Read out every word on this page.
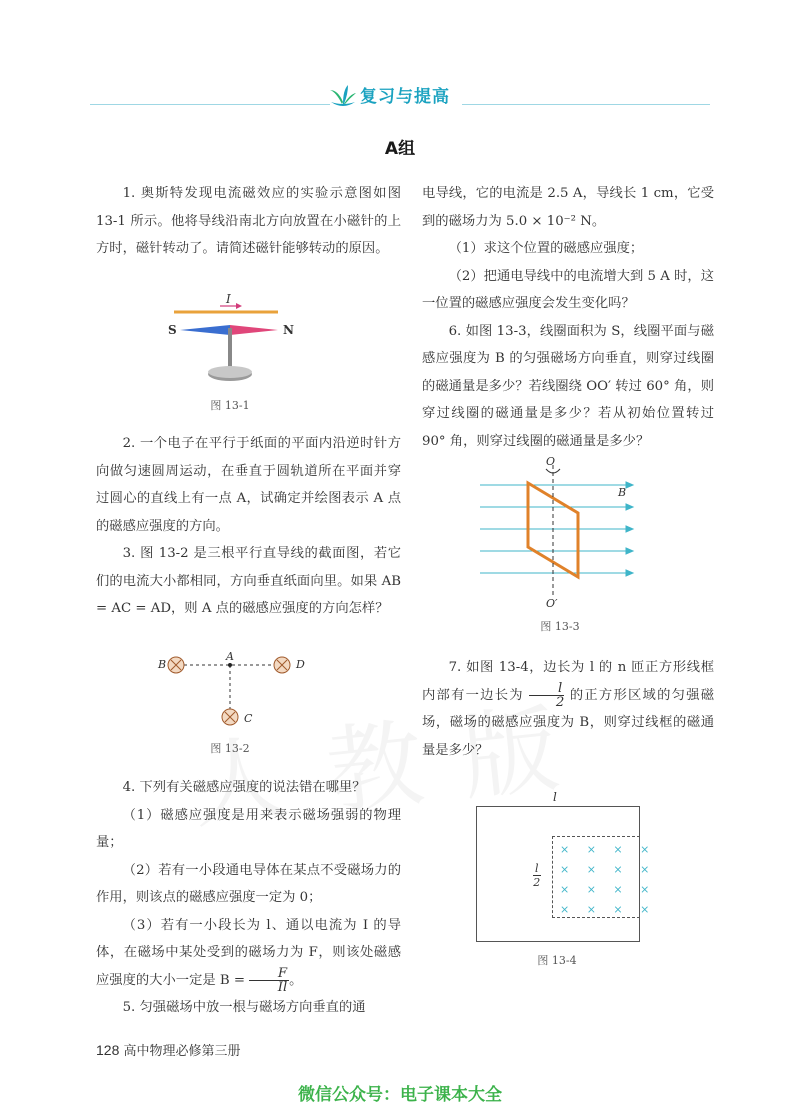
复习与提高
A组

1. 奥斯特发现电流磁效应的实验示意图如图 13-1 所示。他将导线沿南北方向放置在小磁针的上方时，磁针转动了。请简述磁针能够转动的原因。

I
S	N
图 13-1

2. 一个电子在平行于纸面的平面内沿逆时针方向做匀速圆周运动，在垂直于圆轨道所在平面并穿过圆心的直线上有一点 A，试确定并绘图表示 A 点的磁感应强度的方向。

3. 图 13-2 是三根平行直导线的截面图，若它们的电流大小都相同，方向垂直纸面向里。如果 AB = AC = AD，则 A 点的磁感应强度的方向怎样？

A
B	D
C
图 13-2

4. 下列有关磁感应强度的说法错在哪里？

（1）磁感应强度是用来表示磁场强弱的物理量；

（2）若有一小段通电导体在某点不受磁场力的作用，则该点的磁感应强度一定为 0；

（3）若有一小段长为 l、通以电流为 I 的导体，在磁场中某处受到的磁场力为 F，则该处磁感应强度的大小一定是 $B = \frac{F}{Il}$ 。

5. 匀强磁场中放一根与磁场方向垂直的通

电导线，它的电流是 2.5 A，导线长 1 cm，它受到的磁场力为 5.0 × 10⁻² N。

（1）求这个位置的磁感应强度；

（2）把通电导线中的电流增大到 5 A 时，这一位置的磁感应强度会发生变化吗？

6. 如图 13-3，线圈面积为 S，线圈平面与磁感应强度为 B 的匀强磁场方向垂直，则穿过线圈的磁通量是多少？若线圈绕 OO′ 转过 60° 角，则穿过线圈的磁通量是多少？若从初始位置转过 90° 角，则穿过线圈的磁通量是多少？

O
B
O′
图 13-3

7. 如图 13-4，边长为 l 的 n 匝正方形线框内部有一边长为 $\frac{l}{2}$ 的正方形区域的匀强磁场，磁场的磁感应强度为 B，则穿过线框的磁通量是多少？

× × × ×
× × × ×
× × × ×
× × × ×
l
$\frac{l}{2}$
图 13-4
128 高中物理必修第三册
微信公众号：电子课本大全
